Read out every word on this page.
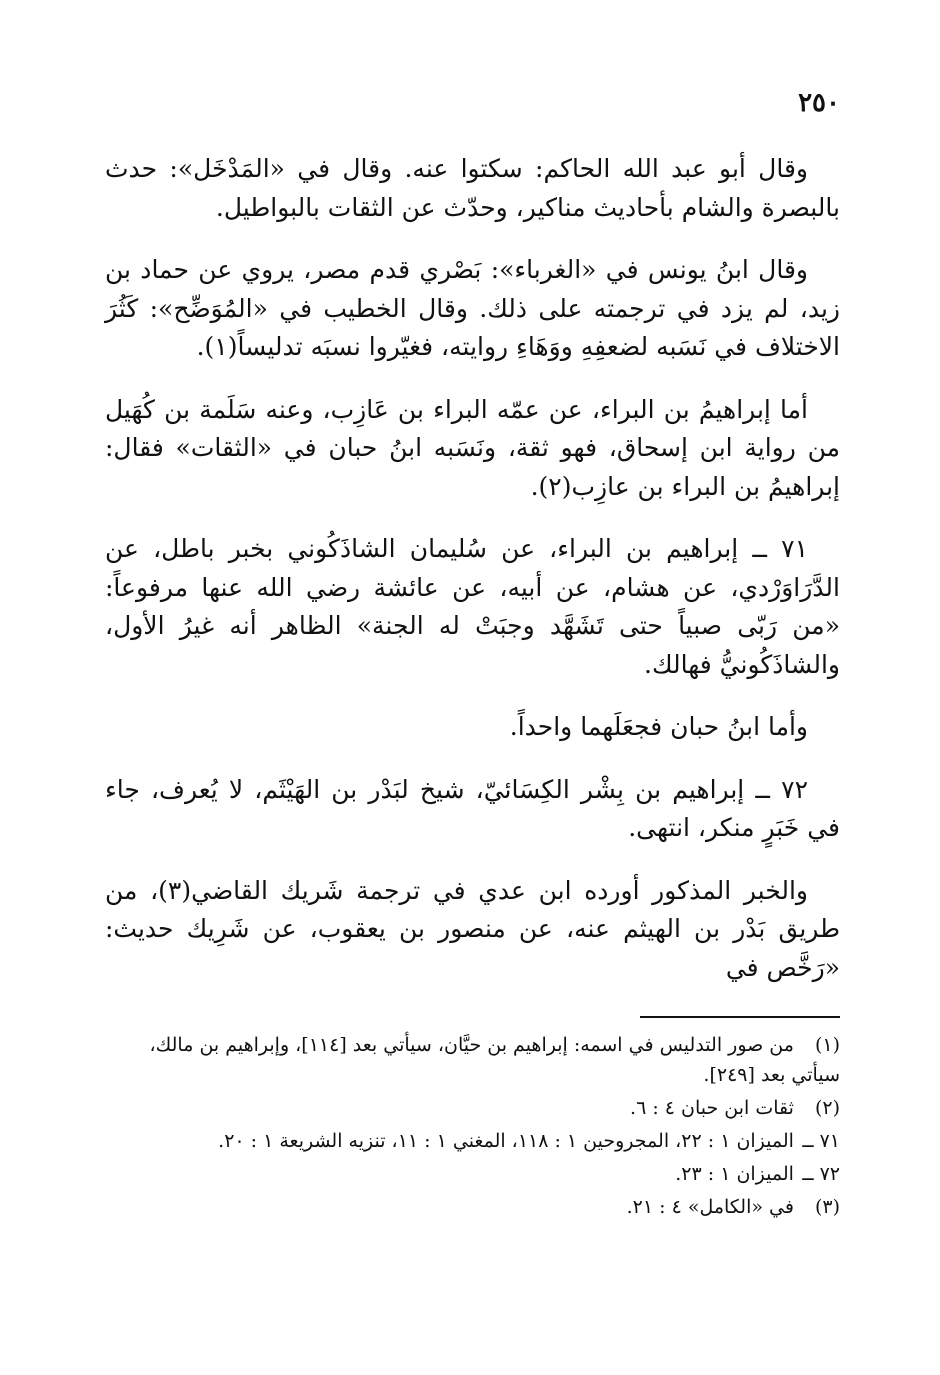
٢٥٠

وقال أبو عبد الله الحاكم: سكتوا عنه. وقال في «المَدْخَل»: حدث بالبصرة والشام بأحاديث مناكير، وحدّث عن الثقات بالبواطيل.

وقال ابنُ يونس في «الغرباء»: بَصْري قدم مصر، يروي عن حماد بن زيد، لم يزد في ترجمته على ذلك. وقال الخطيب في «المُوَضِّح»: كَثُرَ الاختلاف في نَسَبه لضعفِهِ ووَهَاءِ روايته، فغيّروا نسبَه تدليساً(١).

أما إبراهيمُ بن البراء، عن عمّه البراء بن عَازِب، وعنه سَلَمة بن كُهَيل من رواية ابن إسحاق، فهو ثقة، ونَسَبه ابنُ حبان في «الثقات» فقال: إبراهيمُ بن البراء بن عازِب(٢).

٧١ ــ إبراهيم بن البراء، عن سُليمان الشاذَكُوني بخبر باطل، عن الدَّرَاوَرْدي، عن هشام، عن أبيه، عن عائشة رضي الله عنها مرفوعاً: «من رَبّى صبياً حتى تَشَهَّد وجبَتْ له الجنة» الظاهر أنه غيرُ الأول، والشاذَكُونيُّ فهالك.

وأما ابنُ حبان فجعَلَهما واحداً.

٧٢ ــ إبراهيم بن بِشْر الكِسَائيّ، شيخ لبَدْر بن الهَيْثَم، لا يُعرف، جاء في خَبَرٍ منكر، انتهى.

والخبر المذكور أورده ابن عدي في ترجمة شَريك القاضي(٣)، من طريق بَدْر بن الهيثم عنه، عن منصور بن يعقوب، عن شَرِيك حديث: «رَخَّص في

(١) من صور التدليس في اسمه: إبراهيم بن حيَّان، سيأتي بعد [١١٤]، وإبراهيم بن مالك، سيأتي بعد [٢٤٩].
(٢) ثقات ابن حبان ٤ : ٦.
٧١ ــ الميزان ١ : ٢٢، المجروحين ١ : ١١٨، المغني ١ : ١١، تنزيه الشريعة ١ : ٢٠.
٧٢ ــ الميزان ١ : ٢٣.
(٣) في «الكامل» ٤ : ٢١.
